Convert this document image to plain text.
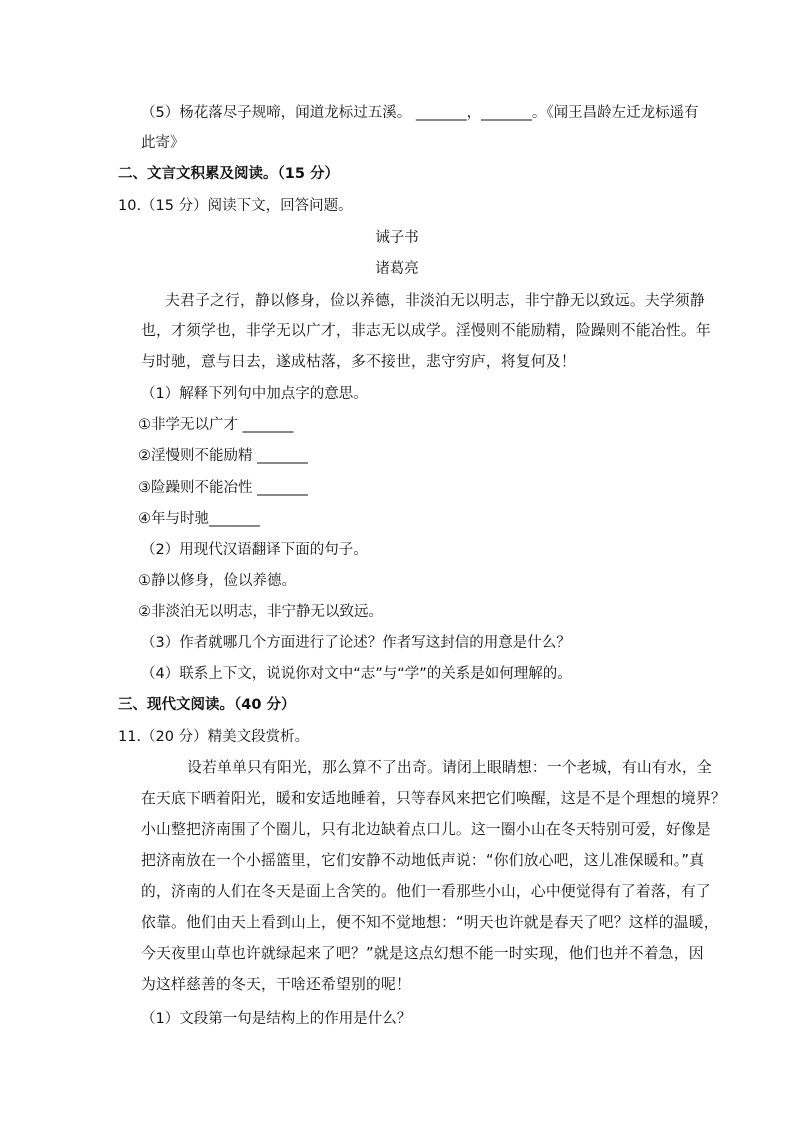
（5）杨花落尽子规啼，闻道龙标过五溪。 _______，_______。《闻王昌龄左迁龙标遥有
此寄》
二、文言文积累及阅读。（15 分）
10.（15 分）阅读下文，回答问题。
诫子书
诸葛亮
夫君子之行，静以修身，俭以养德，非淡泊无以明志，非宁静无以致远。夫学须静
也，才须学也，非学无以广才，非志无以成学。淫慢则不能励精，险躁则不能冶性。年
与时驰，意与日去，遂成枯落，多不接世，悲守穷庐，将复何及！
（1）解释下列句中加点字的意思。
①非学无以广才 _______
②淫慢则不能励精 _______
③险躁则不能冶性 _______
④年与时驰_______
（2）用现代汉语翻译下面的句子。
①静以修身，俭以养德。
②非淡泊无以明志，非宁静无以致远。
（3）作者就哪几个方面进行了论述？作者写这封信的用意是什么？
（4）联系上下文，说说你对文中“志”与“学”的关系是如何理解的。
三、现代文阅读。（40 分）
11.（20 分）精美文段赏析。
设若单单只有阳光，那么算不了出奇。请闭上眼睛想：一个老城，有山有水，全
在天底下晒着阳光，暖和安适地睡着，只等春风来把它们唤醒，这是不是个理想的境界？
小山整把济南围了个圈儿，只有北边缺着点口儿。这一圈小山在冬天特别可爱，好像是
把济南放在一个小摇篮里，它们安静不动地低声说：“你们放心吧，这儿准保暖和。”真
的，济南的人们在冬天是面上含笑的。他们一看那些小山，心中便觉得有了着落，有了
依靠。他们由天上看到山上，便不知不觉地想：“明天也许就是春天了吧？这样的温暖，
今天夜里山草也许就绿起来了吧？”就是这点幻想不能一时实现，他们也并不着急，因
为这样慈善的冬天，干啥还希望别的呢！
（1）文段第一句是结构上的作用是什么？
